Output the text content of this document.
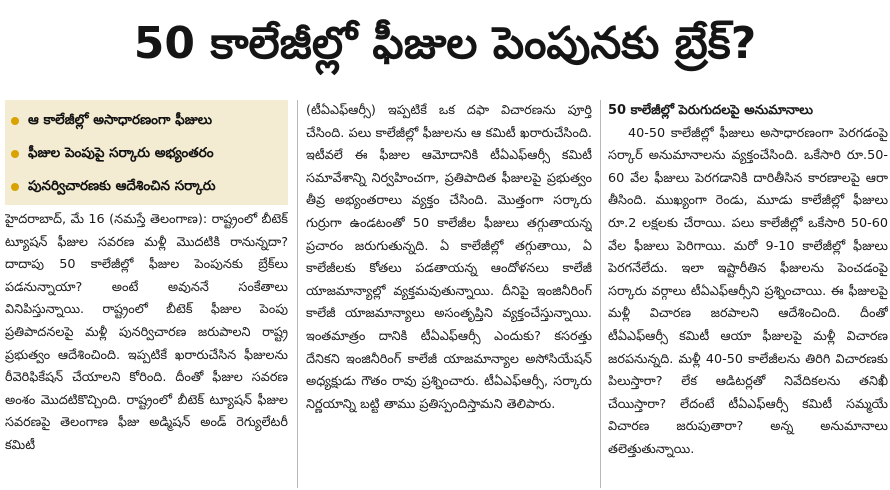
50 కాలేజీల్లో ఫీజుల పెంపునకు బ్రేక్?
ఆ కాలేజీల్లో అసాధారణంగా ఫీజులు
ఫీజుల పెంపుపై సర్కారు అభ్యంతరం
పునర్విచారణకు ఆదేశించిన సర్కారు

హైదరాబాద్, మే 16 (నమస్తే తెలంగాణ): రాష్ట్రంలో బీటెక్ ట్యూషన్ ఫీజుల సవరణ మళ్లీ మొదటికి రానున్నదా? దాదాపు 50 కాలేజీల్లో ఫీజుల పెంపునకు బ్రేక్‌లు పడనున్నాయా? అంటే అవుననే సంకేతాలు వినిపిస్తున్నాయి. రాష్ట్రంలో బీటెక్ ఫీజుల పెంపు ప్రతిపాదనలపై మళ్లీ పునర్విచారణ జరుపాలని రాష్ట్ర ప్రభుత్వం ఆదేశించింది. ఇప్పటికే ఖరారుచేసిన ఫీజులను రీవెరిఫికేషన్ చేయాలని కోరింది. దీంతో ఫీజుల సవరణ అంశం మొదటికొచ్చింది. రాష్ట్రంలో బీటెక్ ట్యూషన్ ఫీజుల సవరణపై తెలంగాణ ఫీజు అడ్మిషన్ అండ్ రెగ్యులేటరీ కమిటీ

(టీఏఎఫ్ఆర్సీ) ఇప్పటికే ఒక దఫా విచారణను పూర్తి చేసింది. పలు కాలేజీల్లో ఫీజులను ఆ కమిటీ ఖరారుచేసింది. ఇటీవలే ఈ ఫీజుల ఆమోదానికి టీఏఎఫ్ఆర్సీ కమిటీ సమావేశాన్ని నిర్వహించగా, ప్రతిపాదిత ఫీజులపై ప్రభుత్వం తీవ్ర అభ్యంతరాలు వ్యక్తం చేసింది. మొత్తంగా సర్కారు గుర్రుగా ఉండటంతో 50 కాలేజీల ఫీజులు తగ్గుతాయన్న ప్రచారం జరుగుతున్నది. ఏ కాలేజీల్లో తగ్గుతాయి, ఏ కాలేజీలకు కోతలు పడతాయన్న ఆందోళనలు కాలేజీ యాజమాన్యాల్లో వ్యక్తమవుతున్నాయి. దీనిపై ఇంజినీరింగ్ కాలేజీ యాజమాన్యాలు అసంతృప్తిని వ్యక్తంచేస్తున్నాయి. ఇంతమాత్రం దానికి టీఏఎఫ్ఆర్సీ ఎందుకు? కసరత్తు దేనికని ఇంజినీరింగ్ కాలేజీ యాజమాన్యాల అసోసియేషన్ అధ్యక్షుడు గౌతం రావు ప్రశ్నించారు. టీఏఎఫ్ఆర్సీ, సర్కారు నిర్ణయాన్ని బట్టి తాము ప్రతిస్పందిస్తామని తెలిపారు.

50 కాలేజీల్లో పెరుగుదలపై అనుమానాలు

40-50 కాలేజీల్లో ఫీజులు అసాధారణంగా పెరగడంపై సర్కార్ అనుమానాలను వ్యక్తంచేసింది. ఒకేసారి రూ.50-60 వేల ఫీజులు పెరగడానికి దారితీసిన కారణాలపై ఆరా తీసింది. ముఖ్యంగా రెండు, మూడు కాలేజీల్లో ఫీజులు రూ.2 లక్షలకు చేరాయి. పలు కాలేజీల్లో ఒకేసారి 50-60 వేల ఫీజులు పెరిగాయి. మరో 9-10 కాలేజీల్లో ఫీజులు పెరగనేలేదు. ఇలా ఇష్టారీతిన ఫీజులను పెంచడంపై సర్కారు వర్గాలు టీఏఎఫ్ఆర్సీని ప్రశ్నించాయి. ఈ ఫీజులపై మళ్లీ విచారణ జరపాలని ఆదేశించింది. దీంతో టీఏఎఫ్ఆర్సీ కమిటీ ఆయా ఫీజులపై మళ్లీ విచారణ జరపనున్నది. మళ్లీ 40-50 కాలేజీలను తిరిగి విచారణకు పిలుస్తారా? లేక ఆడిటర్లతో నివేదికలను తనిఖీ చేయిస్తారా? లేదంటే టీఏఎఫ్ఆర్సీ కమిటీ సమ్మయే విచారణ జరుపుతారా? అన్న అనుమానాలు తలెత్తుతున్నాయి.
